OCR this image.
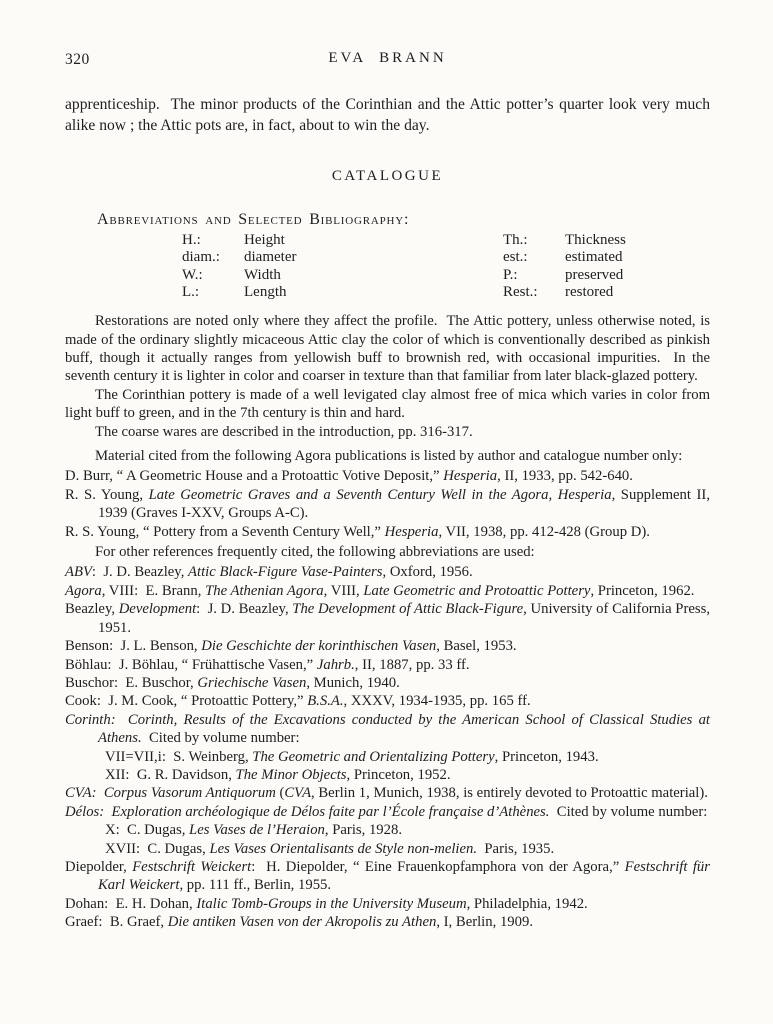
320	EVA BRANN

apprenticeship.  The minor products of the Corinthian and the Attic potter’s quarter look very much alike now ; the Attic pots are, in fact, about to win the day.

CATALOGUE
Abbreviations and Selected Bibliography:
H.:	Height	Th.:	Thickness
diam.:	diameter	est.:	estimated
W.:	Width	P.:	preserved
L.:	Length	Rest.:	restored

Restorations are noted only where they affect the profile.  The Attic pottery, unless otherwise noted, is made of the ordinary slightly micaceous Attic clay the color of which is conventionally described as pinkish buff, though it actually ranges from yellowish buff to brownish red, with occasional impurities.  In the seventh century it is lighter in color and coarser in texture than that familiar from later black-glazed pottery.

The Corinthian pottery is made of a well levigated clay almost free of mica which varies in color from light buff to green, and in the 7th century is thin and hard.

The coarse wares are described in the introduction, pp. 316-317.

Material cited from the following Agora publications is listed by author and catalogue number only:

D. Burr, “ A Geometric House and a Protoattic Votive Deposit,” Hesperia, II, 1933, pp. 542-640.

R. S. Young, Late Geometric Graves and a Seventh Century Well in the Agora, Hesperia, Supplement II, 1939 (Graves I-XXV, Groups A-C).

R. S. Young, “ Pottery from a Seventh Century Well,” Hesperia, VII, 1938, pp. 412-428 (Group D).

For other references frequently cited, the following abbreviations are used:

ABV:  J. D. Beazley, Attic Black-Figure Vase-Painters, Oxford, 1956.

Agora, VIII:  E. Brann, The Athenian Agora, VIII, Late Geometric and Protoattic Pottery, Princeton, 1962.

Beazley, Development:  J. D. Beazley, The Development of Attic Black-Figure, University of California Press, 1951.

Benson:  J. L. Benson, Die Geschichte der korinthischen Vasen, Basel, 1953.

Böhlau:  J. Böhlau, “ Frühattische Vasen,” Jahrb., II, 1887, pp. 33 ff.

Buschor:  E. Buschor, Griechische Vasen, Munich, 1940.

Cook:  J. M. Cook, “ Protoattic Pottery,” B.S.A., XXXV, 1934-1935, pp. 165 ff.

Corinth:  Corinth, Results of the Excavations conducted by the American School of Classical Studies at Athens.  Cited by volume number:

VII=VII,i:  S. Weinberg, The Geometric and Orientalizing Pottery, Princeton, 1943.

XII:  G. R. Davidson, The Minor Objects, Princeton, 1952.

CVA:  Corpus Vasorum Antiquorum (CVA, Berlin 1, Munich, 1938, is entirely devoted to Protoattic material).

Délos:  Exploration archéologique de Délos faite par l’École française d’Athènes.  Cited by volume number:

X:  C. Dugas, Les Vases de l’Heraion, Paris, 1928.

XVII:  C. Dugas, Les Vases Orientalisants de Style non-melien.  Paris, 1935.

Diepolder, Festschrift Weickert:  H. Diepolder, “ Eine Frauenkopfamphora von der Agora,” Festschrift für Karl Weickert, pp. 111 ff., Berlin, 1955.

Dohan:  E. H. Dohan, Italic Tomb-Groups in the University Museum, Philadelphia, 1942.

Graef:  B. Graef, Die antiken Vasen von der Akropolis zu Athen, I, Berlin, 1909.
